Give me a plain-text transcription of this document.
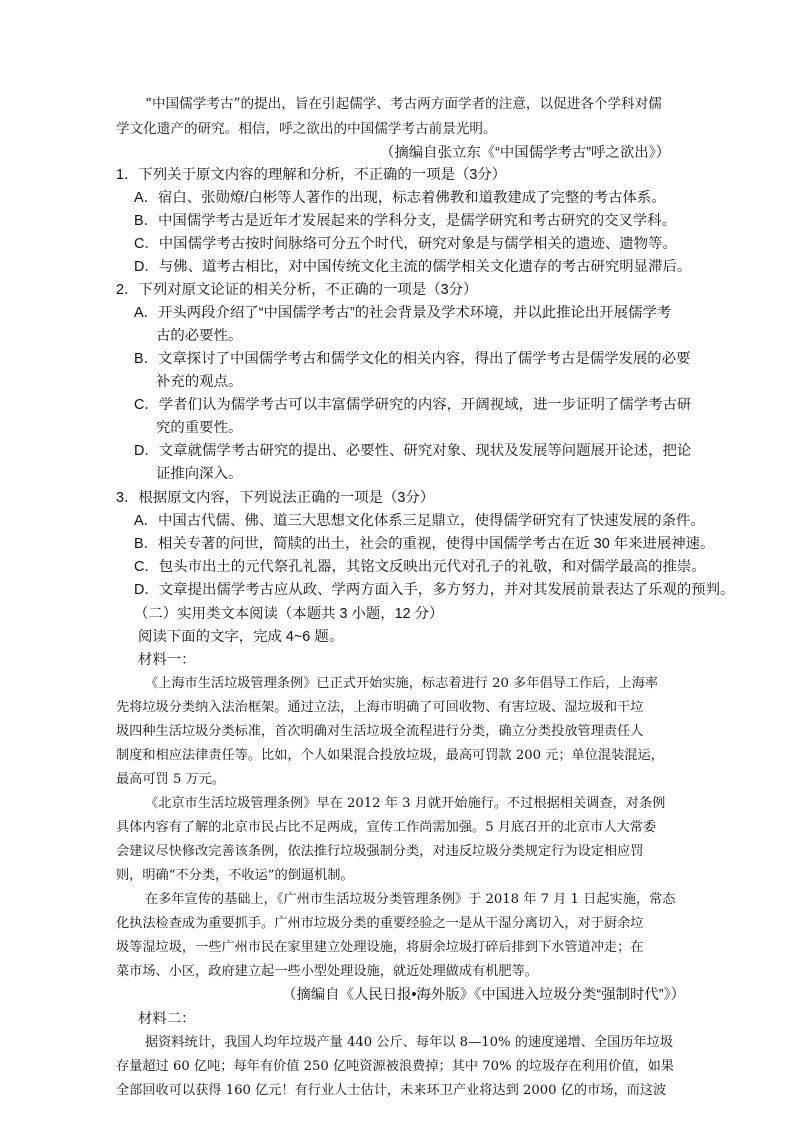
“中国儒学考古”的提出，旨在引起儒学、考古两方面学者的注意，以促进各个学科对儒
学文化遗产的研究。相信，呼之欲出的中国儒学考古前景光明。
（摘编自张立东《“中国儒学考古”呼之欲出》）
1．下列关于原文内容的理解和分析，不正确的一项是（3分）
A．宿白、张勋燎/白彬等人著作的出现，标志着佛教和道教建成了完整的考古体系。
B．中国儒学考古是近年才发展起来的学科分支，是儒学研究和考古研究的交叉学科。
C．中国儒学考古按时间脉络可分五个时代，研究对象是与儒学相关的遗迹、遗物等。
D．与佛、道考古相比，对中国传统文化主流的儒学相关文化遗存的考古研究明显滞后。
2．下列对原文论证的相关分析，不正确的一项是（3分）
A．开头两段介绍了“中国儒学考古”的社会背景及学术环境，并以此推论出开展儒学考
古的必要性。
B．文章探讨了中国儒学考古和儒学文化的相关内容，得出了儒学考古是儒学发展的必要
补充的观点。
C．学者们认为儒学考古可以丰富儒学研究的内容，开阔视域，进一步证明了儒学考古研
究的重要性。
D．文章就儒学考古研究的提出、必要性、研究对象、现状及发展等问题展开论述，把论
证推向深入。
3．根据原文内容，下列说法正确的一项是（3分）
A．中国古代儒、佛、道三大思想文化体系三足鼎立，使得儒学研究有了快速发展的条件。
B．相关专著的问世，简牍的出土，社会的重视，使得中国儒学考古在近 30 年来进展神速。
C．包头市出土的元代祭孔礼器，其铭文反映出元代对孔子的礼敬，和对儒学最高的推崇。
D．文章提出儒学考古应从政、学两方面入手，多方努力，并对其发展前景表达了乐观的预判。
（二）实用类文本阅读（本题共 3 小题，12 分）
阅读下面的文字，完成 4~6 题。
材料一：
《上海市生活垃圾管理条例》已正式开始实施，标志着进行 20 多年倡导工作后，上海率
先将垃圾分类纳入法治框架。通过立法，上海市明确了可回收物、有害垃圾、湿垃圾和干垃
圾四种生活垃圾分类标准，首次明确对生活垃圾全流程进行分类，确立分类投放管理责任人
制度和相应法律责任等。比如，个人如果混合投放垃圾，最高可罚款 200 元；单位混装混运，
最高可罚 5 万元。
《北京市生活垃圾管理条例》早在 2012 年 3 月就开始施行。不过根据相关调查，对条例
具体内容有了解的北京市民占比不足两成，宣传工作尚需加强。5 月底召开的北京市人大常委
会建议尽快修改完善该条例，依法推行垃圾强制分类，对违反垃圾分类规定行为设定相应罚
则，明确“不分类，不收运”的倒逼机制。
在多年宣传的基础上，《广州市生活垃圾分类管理条例》于 2018 年 7 月 1 日起实施，常态
化执法检查成为重要抓手。广州市垃圾分类的重要经验之一是从干湿分离切入，对于厨余垃
圾等湿垃圾，一些广州市民在家里建立处理设施，将厨余垃圾打碎后排到下水管道冲走；在
菜市场、小区，政府建立起一些小型处理设施，就近处理做成有机肥等。
（摘编自《人民日报•海外版》《中国进入垃圾分类“强制时代”》）
材料二：
据资料统计，我国人均年垃圾产量 440 公斤、每年以 8—10% 的速度递增、全国历年垃圾
存量超过 60 亿吨；每年有价值 250 亿吨资源被浪费掉；其中 70% 的垃圾存在利用价值，如果
全部回收可以获得 160 亿元！有行业人士估计，未来环卫产业将达到 2000 亿的市场，而这波
